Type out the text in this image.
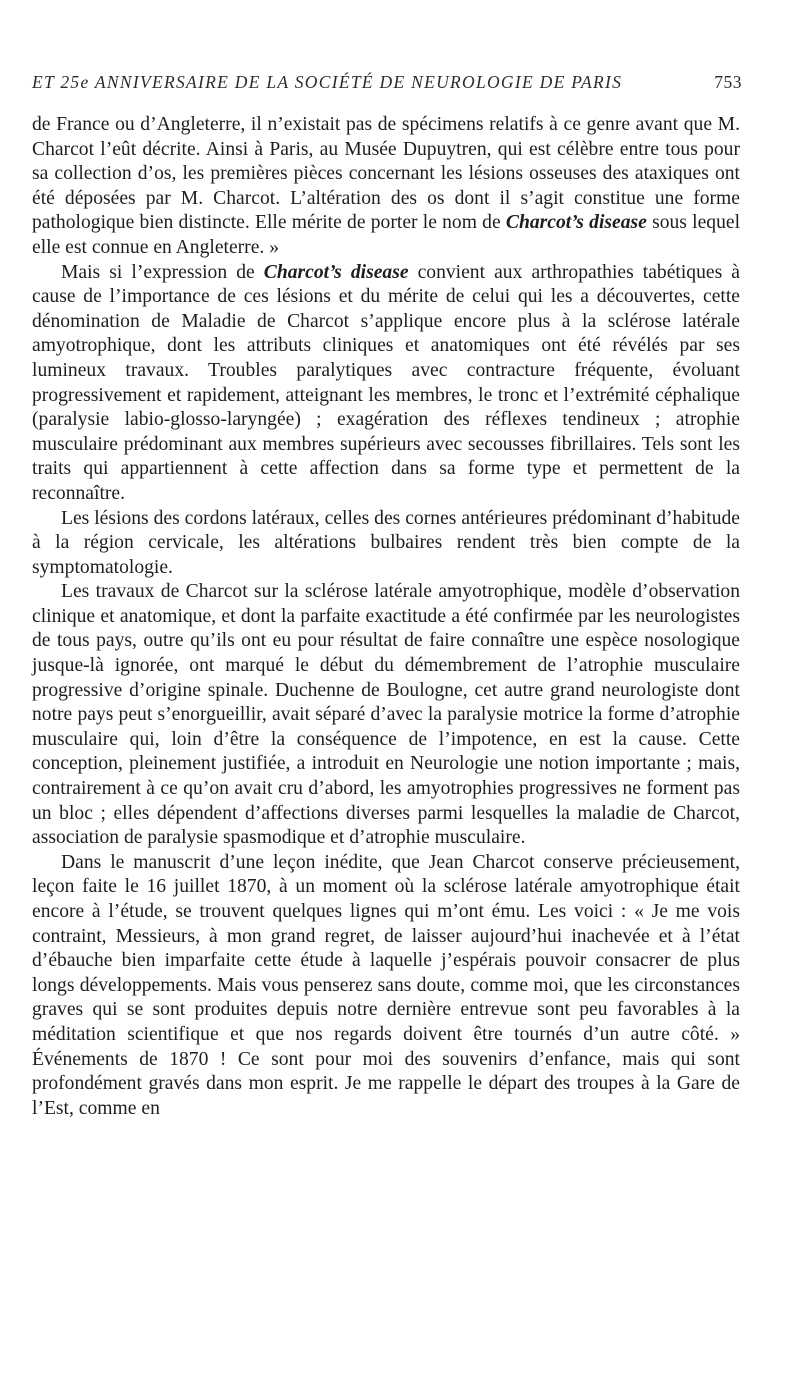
ET 25e ANNIVERSAIRE DE LA SOCIÉTÉ DE NEUROLOGIE DE PARIS	753

de France ou d’Angleterre, il n’existait pas de spécimens relatifs à ce genre avant que M. Charcot l’eût décrite. Ainsi à Paris, au Musée Dupuytren, qui est célèbre entre tous pour sa collection d’os, les premières pièces concernant les lésions osseuses des ataxiques ont été déposées par M. Charcot. L’altération des os dont il s’agit constitue une forme pathologique bien distincte. Elle mérite de porter le nom de Charcot’s disease sous lequel elle est connue en Angleterre. »

Mais si l’expression de Charcot’s disease convient aux arthropathies tabétiques à cause de l’importance de ces lésions et du mérite de celui qui les a découvertes, cette dénomination de Maladie de Charcot s’applique encore plus à la sclérose latérale amyotrophique, dont les attributs cliniques et anatomiques ont été révélés par ses lumineux travaux. Troubles paralytiques avec contracture fréquente, évoluant progressivement et rapidement, atteignant les membres, le tronc et l’extrémité céphalique (paralysie labio-glosso-laryngée) ; exagération des réflexes tendineux ; atrophie musculaire prédominant aux membres supérieurs avec secousses fibrillaires. Tels sont les traits qui appartiennent à cette affection dans sa forme type et permettent de la reconnaître.

Les lésions des cordons latéraux, celles des cornes antérieures prédominant d’habitude à la région cervicale, les altérations bulbaires rendent très bien compte de la symptomatologie.

Les travaux de Charcot sur la sclérose latérale amyotrophique, modèle d’observation clinique et anatomique, et dont la parfaite exactitude a été confirmée par les neurologistes de tous pays, outre qu’ils ont eu pour résultat de faire connaître une espèce nosologique jusque-là ignorée, ont marqué le début du démembrement de l’atrophie musculaire progressive d’origine spinale. Duchenne de Boulogne, cet autre grand neurologiste dont notre pays peut s’enorgueillir, avait séparé d’avec la paralysie motrice la forme d’atrophie musculaire qui, loin d’être la conséquence de l’impotence, en est la cause. Cette conception, pleinement justifiée, a introduit en Neurologie une notion importante ; mais, contrairement à ce qu’on avait cru d’abord, les amyotrophies progressives ne forment pas un bloc ; elles dépendent d’affections diverses parmi lesquelles la maladie de Charcot, association de paralysie spasmodique et d’atrophie musculaire.

Dans le manuscrit d’une leçon inédite, que Jean Charcot conserve précieusement, leçon faite le 16 juillet 1870, à un moment où la sclérose latérale amyotrophique était encore à l’étude, se trouvent quelques lignes qui m’ont ému. Les voici : « Je me vois contraint, Messieurs, à mon grand regret, de laisser aujourd’hui inachevée et à l’état d’ébauche bien imparfaite cette étude à laquelle j’espérais pouvoir consacrer de plus longs développements. Mais vous penserez sans doute, comme moi, que les circonstances graves qui se sont produites depuis notre dernière entrevue sont peu favorables à la méditation scientifique et que nos regards doivent être tournés d’un autre côté. » Événements de 1870 ! Ce sont pour moi des souvenirs d’enfance, mais qui sont profondément gravés dans mon esprit. Je me rappelle le départ des troupes à la Gare de l’Est, comme en
